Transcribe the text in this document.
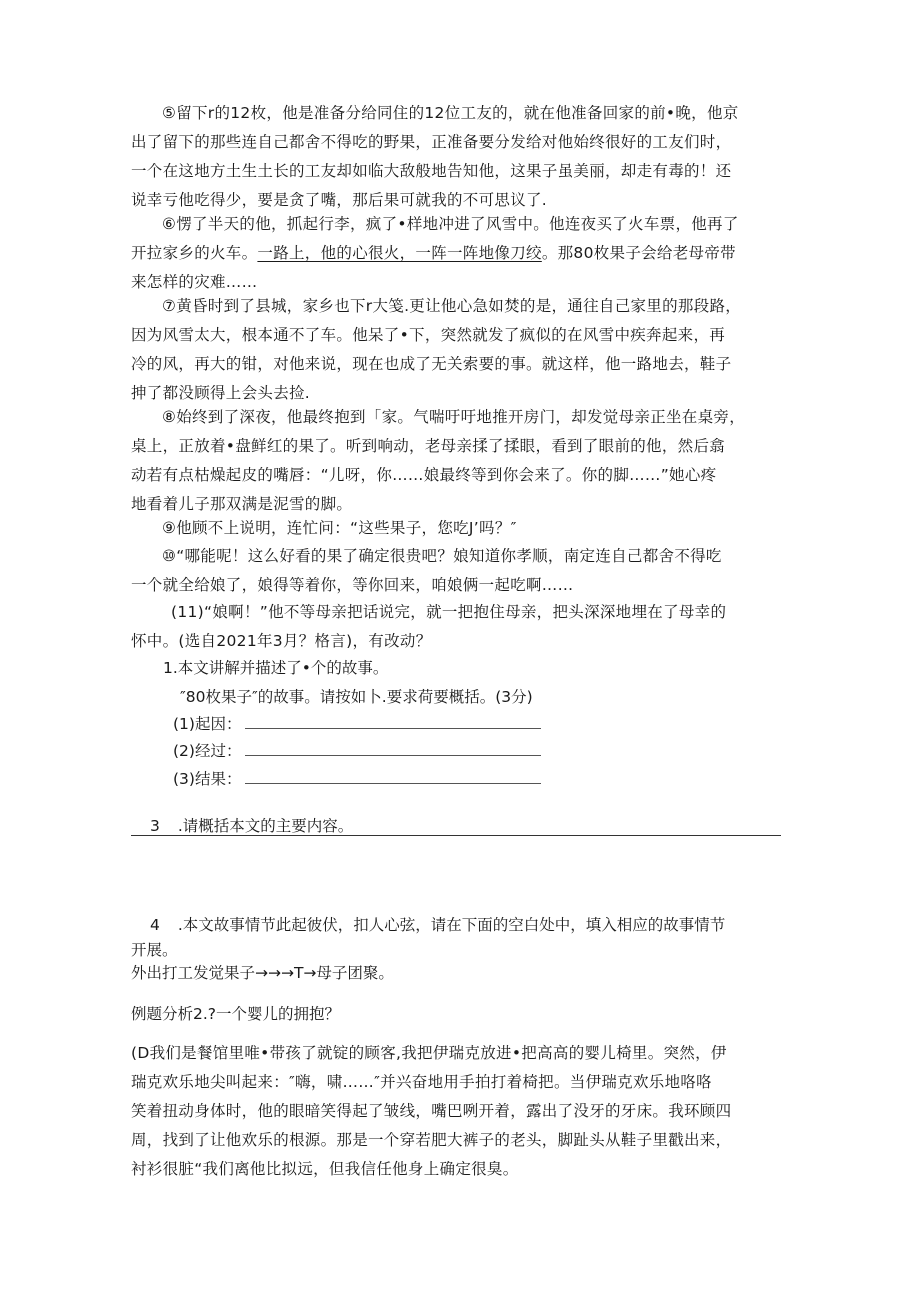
⑤留下r的12枚，他是准备分给同住的12位工友的，就在他准备回家的前•晚，他京
出了留下的那些连自己都舍不得吃的野果，正准备要分发给对他始终很好的工友们时，
一个在这地方土生土长的工友却如临大敌般地告知他，这果子虽美丽，却走有毒的！还
说幸亏他吃得少，要是贪了嘴，那后果可就我的不可思议了.
⑥愣了半天的他，抓起行李，疯了•样地冲进了风雪中。他连夜买了火车票，他再了
开拉家乡的火车。一路上，他的心很火，一阵一阵地像刀绞。那80枚果子会给老母帝带
来怎样的灾难……
⑦黄昏时到了县城，家乡也下r大笺.更让他心急如焚的是，通往自己家里的那段路，
因为风雪太大，根本通不了车。他呆了•下，突然就发了疯似的在风雪中疾奔起来，再
冷的风，再大的钳，对他来说，现在也成了无关索要的事。就这样，他一路地去，鞋子
抻了都没顾得上会头去捡.
⑧始终到了深夜，他最终抱到「家。气喘吁吁地推开房门，却发觉母亲正坐在桌旁，
桌上，正放着•盘鲜红的果了。听到响动，老母亲揉了揉眼，看到了眼前的他，然后翕
动若有点枯燥起皮的嘴唇：“儿呀，你……娘最终等到你会来了。你的脚……”她心疼
地看着儿子那双满是泥雪的脚。
⑨他顾不上说明，连忙问：“这些果子，您吃J’吗？″
⑩“哪能呢！这么好看的果了确定很贵吧？娘知道你孝顺，南定连自己都舍不得吃
一个就全给娘了，娘得等着你，等你回来，咱娘俩一起吃啊……
(11)“娘啊！”他不等母亲把话说完，就一把抱住母亲，把头深深地埋在了母幸的
怀中。(选自2021年3月？格言)，有改动？
1.本文讲解并描述了•个的故事。
″80枚果子″的故事。请按如卜.要求荷要概括。(3分)
(1)起因：
(2)经过：
(3)结果：
3 .请概括本文的主要内容。
4 .本文故事情节此起彼伏，扣人心弦，请在下面的空白处中，填入相应的故事情节
开展。
外出打工发觉果子→→→T→母子团聚。
例题分析2.?一个婴儿的拥抱？
(D我们是餐馆里唯•带孩了就锭的顾客,我把伊瑞克放进•把高高的婴儿椅里。突然，伊
瑞克欢乐地尖叫起来：″嗨，啸……″并兴奋地用手拍打着椅把。当伊瑞克欢乐地咯咯
笑着扭动身体时，他的眼暗笑得起了皱线，嘴巴咧开着，露出了没牙的牙床。我环顾四
周，找到了让他欢乐的根源。那是一个穿若肥大裤子的老头，脚趾头从鞋子里戳出来，
衬衫很脏“我们离他比拟远，但我信任他身上确定很臭。
